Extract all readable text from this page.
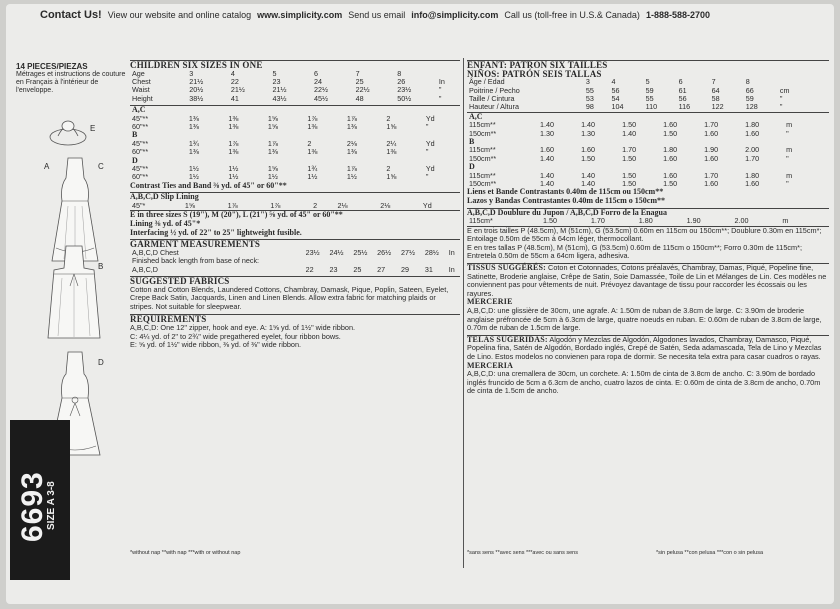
Contact Us! View our website and online catalog www.simplicity.com Send us email info@simplicity.com Call us (toll-free in U.S.& Canada) 1-888-588-2700
14 PIECES/PIEZAS
Métrages et instructions de couture en Français à l'intérieur de l'enveloppe.
E
A	C
B
D
6693
SIZE A 3-8
CHILDREN SIX SIZES IN ONE
Age	3	4	5	6	7	8	
Chest	21½	22	23	24	25	26	In
Waist	20½	21½	21½	22½	22½	23½	"
Height	38½	41	43½	45½	48	50½	"
A,C							
45"**	1⅜	1⅜	1⅝	1⅞	1⅞	2	Yd
60"**	1⅜	1⅜	1⅝	1⅜	1⅜	1⅝	"
B							
45"**	1¾	1⅞	1⅞	2	2⅛	2¼	Yd
60"**	1⅜	1⅜	1⅜	1⅜	1⅜	1⅜	"
D							
45"**	1½	1½	1⅝	1¾	1⅞	2	Yd
60"**	1½	1½	1½	1½	1½	1⅝	"
Contrast Ties and Band ⅜ yd. of 45" or 60"**
A,B,C,D Slip Lining
45"*	1⅝	1⅞	1⅞	2	2⅛	2⅛	Yd
E in three sizes S (19"), M (20"), L (21") ⅝ yd. of 45" or 60"**
Lining ⅜ yd. of 45"*
Interfacing ½ yd. of 22" to 25" lightweight fusible.
GARMENT MEASUREMENTS
A,B,C,D Chest	23½	24½	25½	26½	27½	28½	In
Finished back length from base of neck:							
A,B,C,D	22	23	25	27	29	31	In
SUGGESTED FABRICS
Cotton and Cotton Blends, Laundered Cottons, Chambray, Damask, Pique, Poplin, Sateen, Eyelet, Crepe Back Satin, Jacquards, Linen and Linen Blends. Allow extra fabric for matching plaids or stripes. Not suitable for sleepwear.
REQUIREMENTS
A,B,C,D: One 12" zipper, hook and eye. A: 1⅝ yd. of 1½" wide ribbon.
C: 4¼ yd. of 2" to 2¾" wide pregathered eyelet, four ribbon bows.
E: ⅝ yd. of 1½" wide ribbon, ⅜ yd. of ⅜" wide ribbon.
*without nap **with nap ***with or without nap
ENFANT: PATRON SIX TAILLES
NIÑOS: PATRÓN SEIS TALLAS
Âge / Edad	3	4	5	6	7	8	
Poitrine / Pecho	55	56	59	61	64	66	cm
Taille / Cintura	53	54	55	56	58	59	"
Hauteur / Altura	98	104	110	116	122	128	"
A,C							
115cm**	1.40	1.40	1.50	1.60	1.70	1.80	m
150cm**	1.30	1.30	1.40	1.50	1.60	1.60	"
B							
115cm**	1.60	1.60	1.70	1.80	1.90	2.00	m
150cm**	1.40	1.50	1.50	1.60	1.60	1.70	"
D							
115cm**	1.40	1.40	1.50	1.60	1.70	1.80	m
150cm**	1.40	1.40	1.50	1.50	1.60	1.60	"
Liens et Bande Contrastants 0.40m de 115cm ou 150cm**
Lazos y Bandas Contrastantes 0.40m de 115cm o 150cm**
A,B,C,D Doublure du Jupon / A,B,C,D Forro de la Enagua
115cm*	1.50	1.70	1.80	1.90	2.00	m
E en trois tailles P (48.5cm), M (51cm), G (53.5cm) 0.60m en 115cm ou 150cm**; Doublure 0.30m en 115cm*; Entoilage 0.50m de 55cm à 64cm léger, thermocollant.
E en tres tallas P (48.5cm), M (51cm), G (53.5cm) 0.60m de 115cm o 150cm**; Forro 0.30m de 115cm*; Entretela 0.50m de 55cm a 64cm ligera, adhesiva.
TISSUS SUGGÉRÉS: Coton et Cotonnades, Cotons préalavés, Chambray, Damas, Piqué, Popeline fine, Satinette, Broderie anglaise, Crêpe de Satin, Soie Damassée, Toile de Lin et Mélanges de Lin. Ces modèles ne conviennent pas pour vêtements de nuit. Prévoyez davantage de tissu pour raccorder les écossais ou les rayures.
MERCERIE
A,B,C,D: une glissière de 30cm, une agrafe. A: 1.50m de ruban de 3.8cm de large. C: 3.90m de broderie anglaise préfroncée de 5cm à 6.3cm de large, quatre noeuds en ruban. E: 0.60m de ruban de 3.8cm de large, 0.70m de ruban de 1.5cm de large.
TELAS SUGERIDAS: Algodón y Mezclas de Algodón, Algodones lavados, Chambray, Damasco, Piqué, Popelina fina, Satén de Algodón, Bordado inglés, Crepé de Satén, Seda adamascada, Tela de Lino y Mezclas de Lino. Estos modelos no convienen para ropa de dormir. Se necesita tela extra para casar cuadros o rayas.
MERCERIA
A,B,C,D: una cremallera de 30cm, un corchete. A: 1.50m de cinta de 3.8cm de ancho. C: 3.90m de bordado inglés fruncido de 5cm a 6.3cm de ancho, cuatro lazos de cinta. E: 0.60m de cinta de 3.8cm de ancho, 0.70m de cinta de 1.5cm de ancho.
*sans sens **avec sens ***avec ou sans sens	*sin pelusa **con pelusa ***con o sin pelusa
